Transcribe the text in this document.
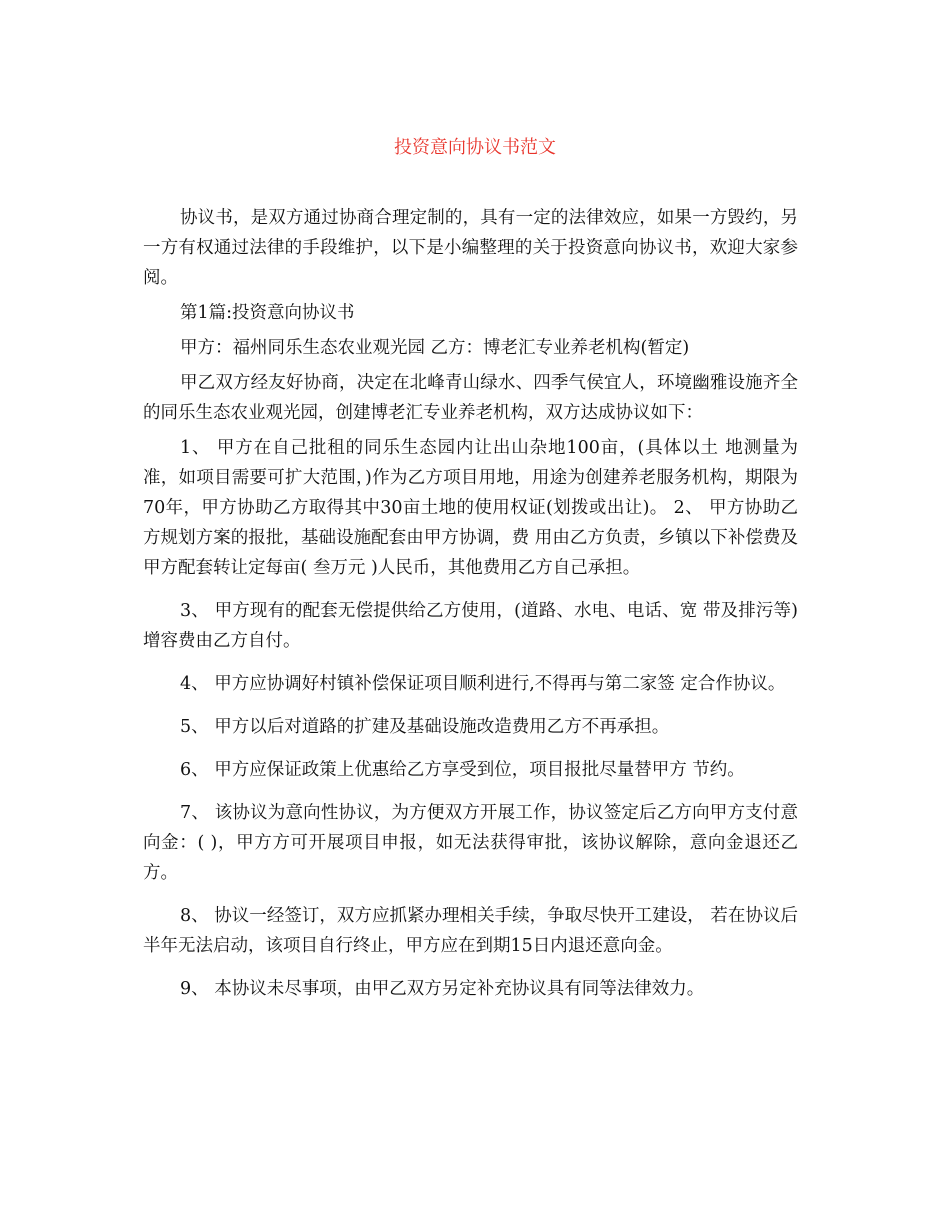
投资意向协议书范文

协议书，是双方通过协商合理定制的，具有一定的法律效应，如果一方毁约，另一方有权通过法律的手段维护，以下是小编整理的关于投资意向协议书，欢迎大家参阅。

第1篇:投资意向协议书

甲方：福州同乐生态农业观光园 乙方：博老汇专业养老机构(暂定)

甲乙双方经友好协商，决定在北峰青山绿水、四季气侯宜人，环境幽雅设施齐全的同乐生态农业观光园，创建博老汇专业养老机构，双方达成协议如下：

1、 甲方在自己批租的同乐生态园内让出山杂地100亩，(具体以土 地测量为准，如项目需要可扩大范围，)作为乙方项目用地，用途为创建养老服务机构，期限为70年，甲方协助乙方取得其中30亩土地的使用权证(划拨或出让)。 2、 甲方协助乙方规划方案的报批，基础设施配套由甲方协调，费 用由乙方负责，乡镇以下补偿费及甲方配套转让定每亩( 叁万元 )人民币，其他费用乙方自己承担。

3、 甲方现有的配套无偿提供给乙方使用，(道路、水电、电话、宽 带及排污等)增容费由乙方自付。

4、 甲方应协调好村镇补偿保证项目顺利进行,不得再与第二家签 定合作协议。

5、 甲方以后对道路的扩建及基础设施改造费用乙方不再承担。

6、 甲方应保证政策上优惠给乙方享受到位，项目报批尽量替甲方 节约。

7、 该协议为意向性协议，为方便双方开展工作，协议签定后乙方向甲方支付意向金：( )，甲方方可开展项目申报，如无法获得审批，该协议解除，意向金退还乙方。

8、 协议一经签订，双方应抓紧办理相关手续，争取尽快开工建设， 若在协议后半年无法启动，该项目自行终止，甲方应在到期15日内退还意向金。

9、 本协议未尽事项，由甲乙双方另定补充协议具有同等法律效力。
